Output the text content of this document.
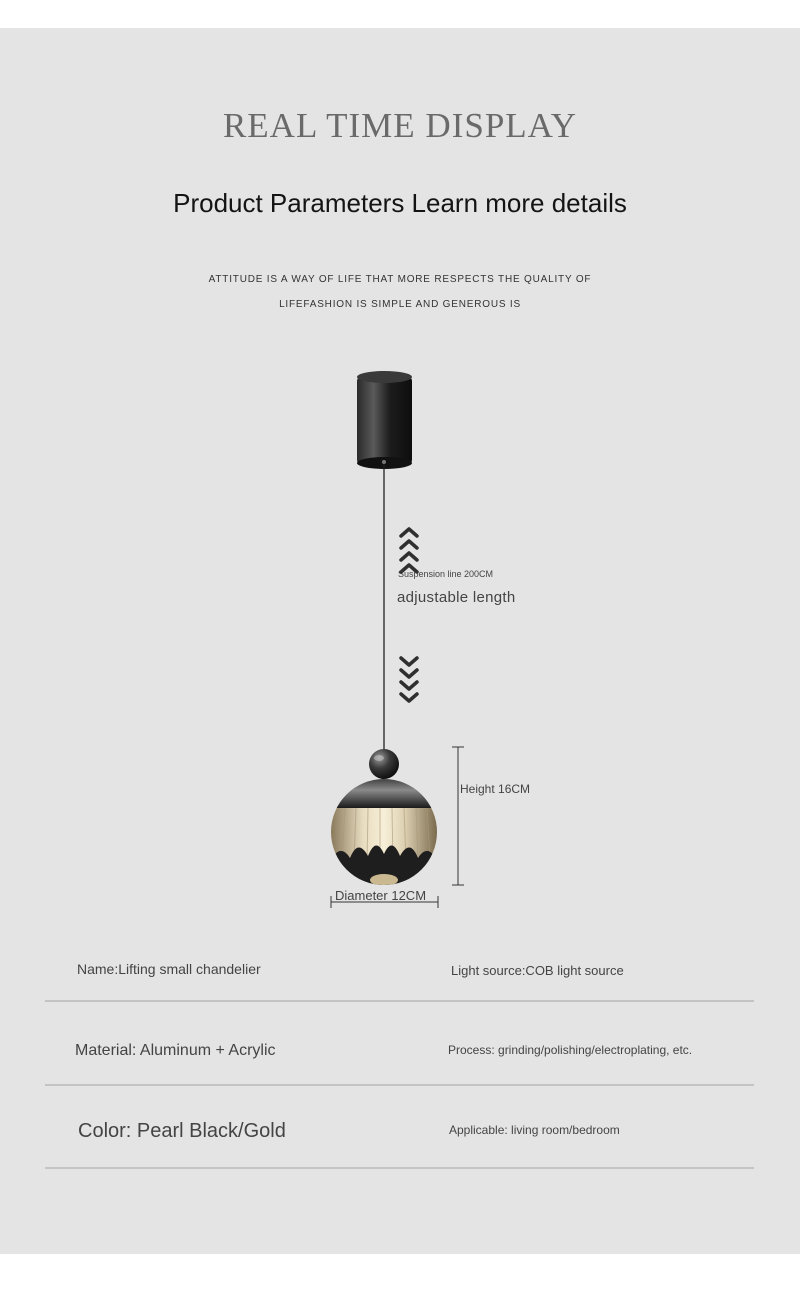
REAL TIME DISPLAY
Product Parameters Learn more details
ATTITUDE IS A WAY OF LIFE THAT MORE RESPECTS THE QUALITY OF
LIFEFASHION IS SIMPLE AND GENEROUS IS
Suspension line 200CM
adjustable length
Height 16CM
Diameter 12CM
Name:Lifting small chandelier	Light source:COB light source
Material: Aluminum + Acrylic	Process: grinding/polishing/electroplating, etc.
Color: Pearl Black/Gold	Applicable: living room/bedroom
